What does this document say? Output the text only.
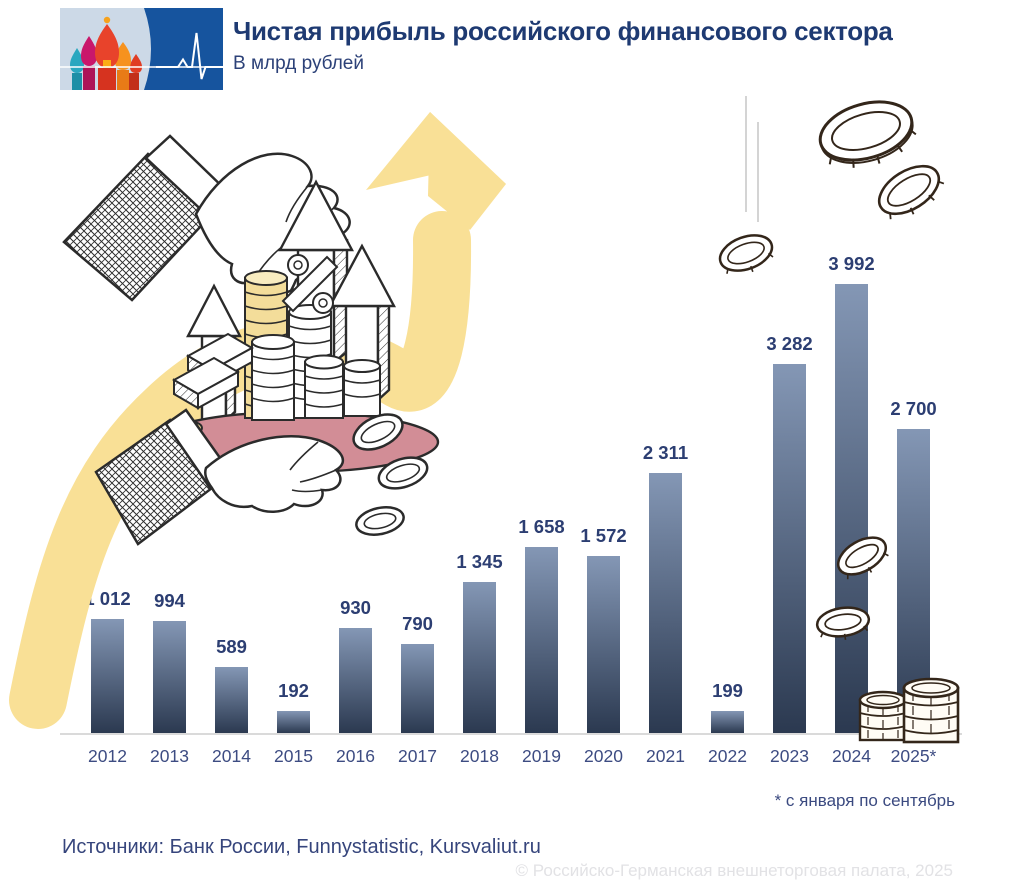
Чистая прибыль российского финансового сектора
В млрд рублей
1 012
2012
994
2013
589
2014
192
2015
930
2016
790
2017
1 345
2018
1 658
2019
1 572
2020
2 311
2021
199
2022
3 282
2023
3 992
2024
2 700
2025*
* с января по сентябрь
Источники: Банк России, Funnystatistic, Kursvaliut.ru
© Российско-Германская внешнеторговая палата, 2025
